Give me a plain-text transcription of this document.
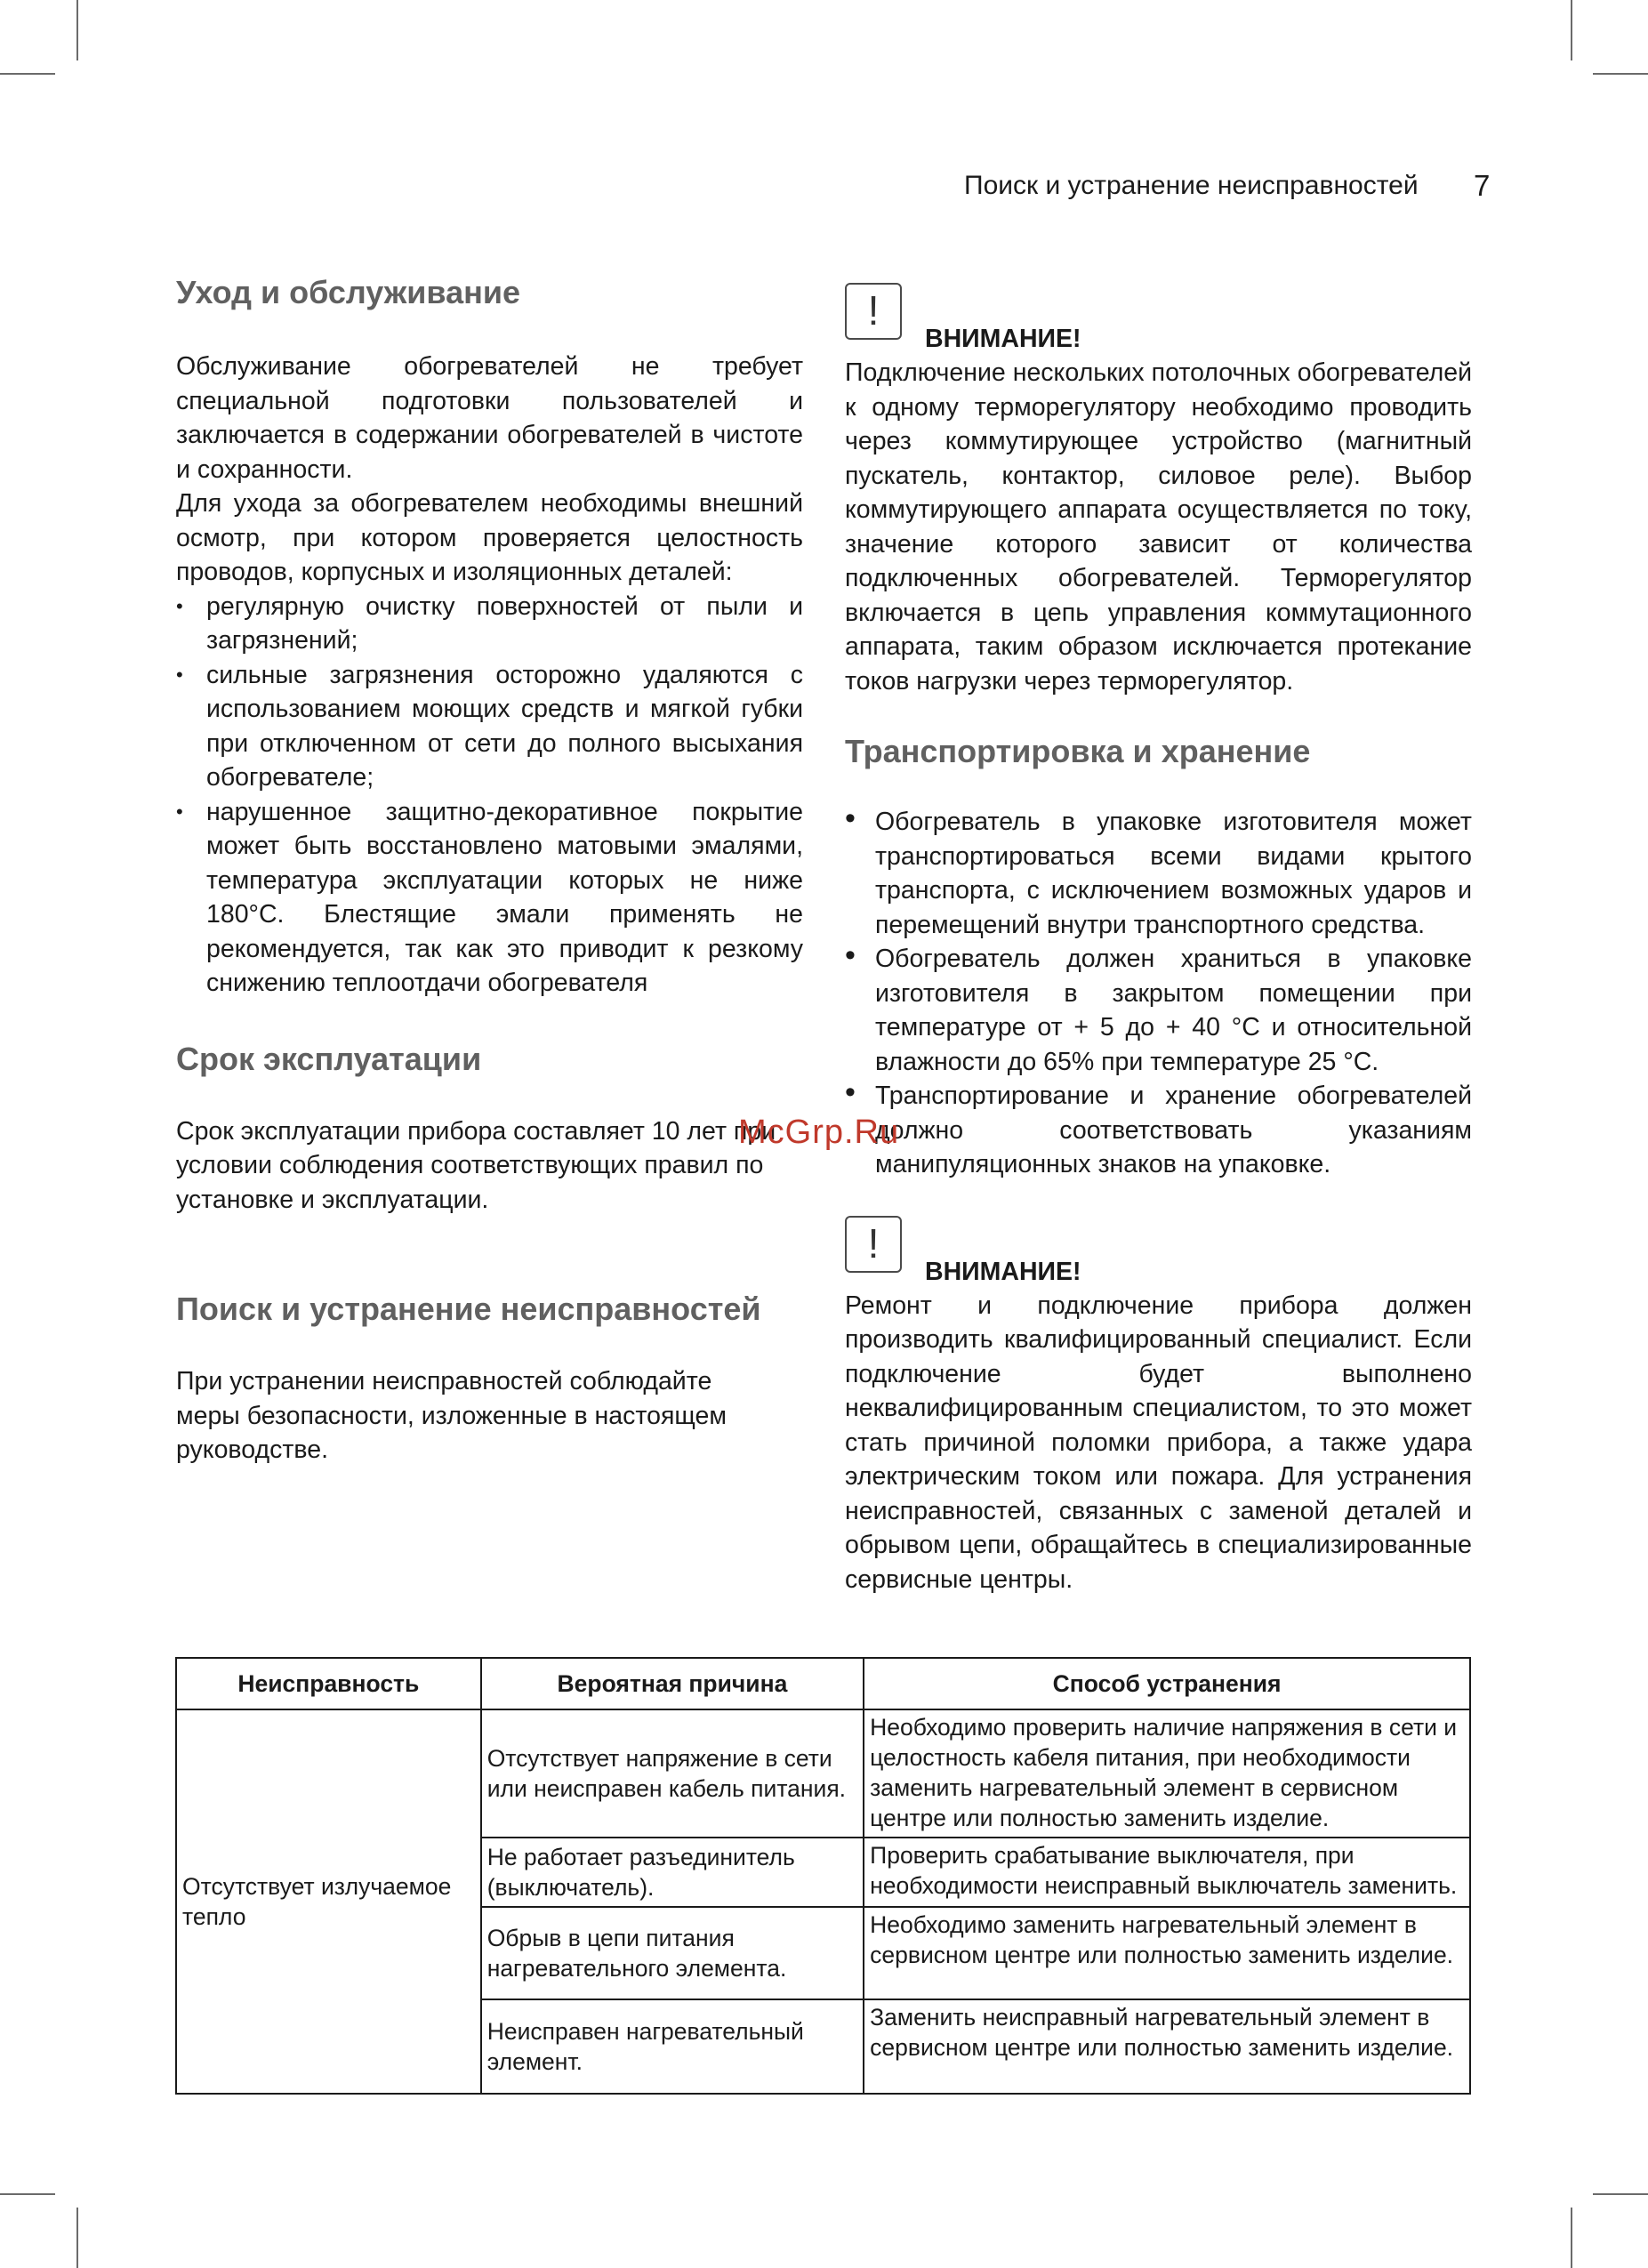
Поиск и устранение неисправностей 7
Уход и обслуживание

Обслуживание обогревателей не требует специальной подготовки пользователей и заключается в содержании обогревателей в чистоте и сохранности.

Для ухода за обогревателем необходимы внешний осмотр, при котором проверяется целостность проводов, корпусных и изоляционных деталей:

• регулярную очистку поверхностей от пыли и загрязнений;
• сильные загрязнения осторожно удаляются с использованием моющих средств и мягкой губки при отключенном от сети до полного высыхания обогревателе;
• нарушенное защитно-декоративное покрытие может быть восстановлено матовыми эмалями, температура эксплуатации которых не ниже 180°С. Блестящие эмали применять не рекомендуется, так как это приводит к резкому снижению теплоотдачи обогревателя
Срок эксплуатации

Срок эксплуатации прибора составляет 10 лет при условии соблюдения соответствующих правил по установке и эксплуатации.

Поиск и устранение неисправностей

При устранении неисправностей соблюдайте меры безопасности, изложенные в настоящем руководстве.

!
ВНИМАНИЕ!

Подключение нескольких потолочных обогревателей к одному терморегулятору необходимо проводить через коммутирующее устройство (магнитный пускатель, контактор, силовое реле). Выбор коммутирующего аппарата осуществляется по току, значение которого зависит от количества подключенных обогревателей. Терморегулятор включается в цепь управления коммутационного аппарата, таким образом исключается протекание токов нагрузки через терморегулятор.

Транспортировка и хранение
• Обогреватель в упаковке изготовителя может транспортироваться всеми видами крытого транспорта, с исключением возможных ударов и перемещений внутри транспортного средства.
• Обогреватель должен храниться в упаковке изготовителя в закрытом помещении при температуре от + 5 до + 40 °С и относительной влажности до 65% при температуре 25 °С.
• Транспортирование и хранение обогревателей должно соответствовать указаниям манипуляционных знаков на упаковке.
!
ВНИМАНИЕ!

Ремонт и подключение прибора должен производить квалифицированный специалист. Если подключение будет выполнено неквалифицированным специалистом, то это может стать причиной поломки прибора, а также удара электрическим током или пожара. Для устранения неисправностей, связанных с заменой деталей и обрывом цепи, обращайтесь в специализированные сервисные центры.

McGrp.Ru
Неисправность	Вероятная причина	Способ устранения
Отсутствует излучаемое тепло	Отсутствует напряжение в сети или неисправен кабель питания.	Необходимо проверить наличие напряжения в сети и целостность кабеля питания, при необходимости заменить нагревательный элемент в сервисном центре или полностью заменить изделие.
	Не работает разъединитель (выключатель).	Проверить срабатывание выключателя, при необходимости неисправный выключатель заменить.
	Обрыв в цепи питания нагревательного элемента.	Необходимо заменить нагревательный элемент в сервисном центре или полностью заменить изделие.
	Неисправен нагревательный элемент.	Заменить неисправный нагревательный элемент в сервисном центре или полностью заменить изделие.
